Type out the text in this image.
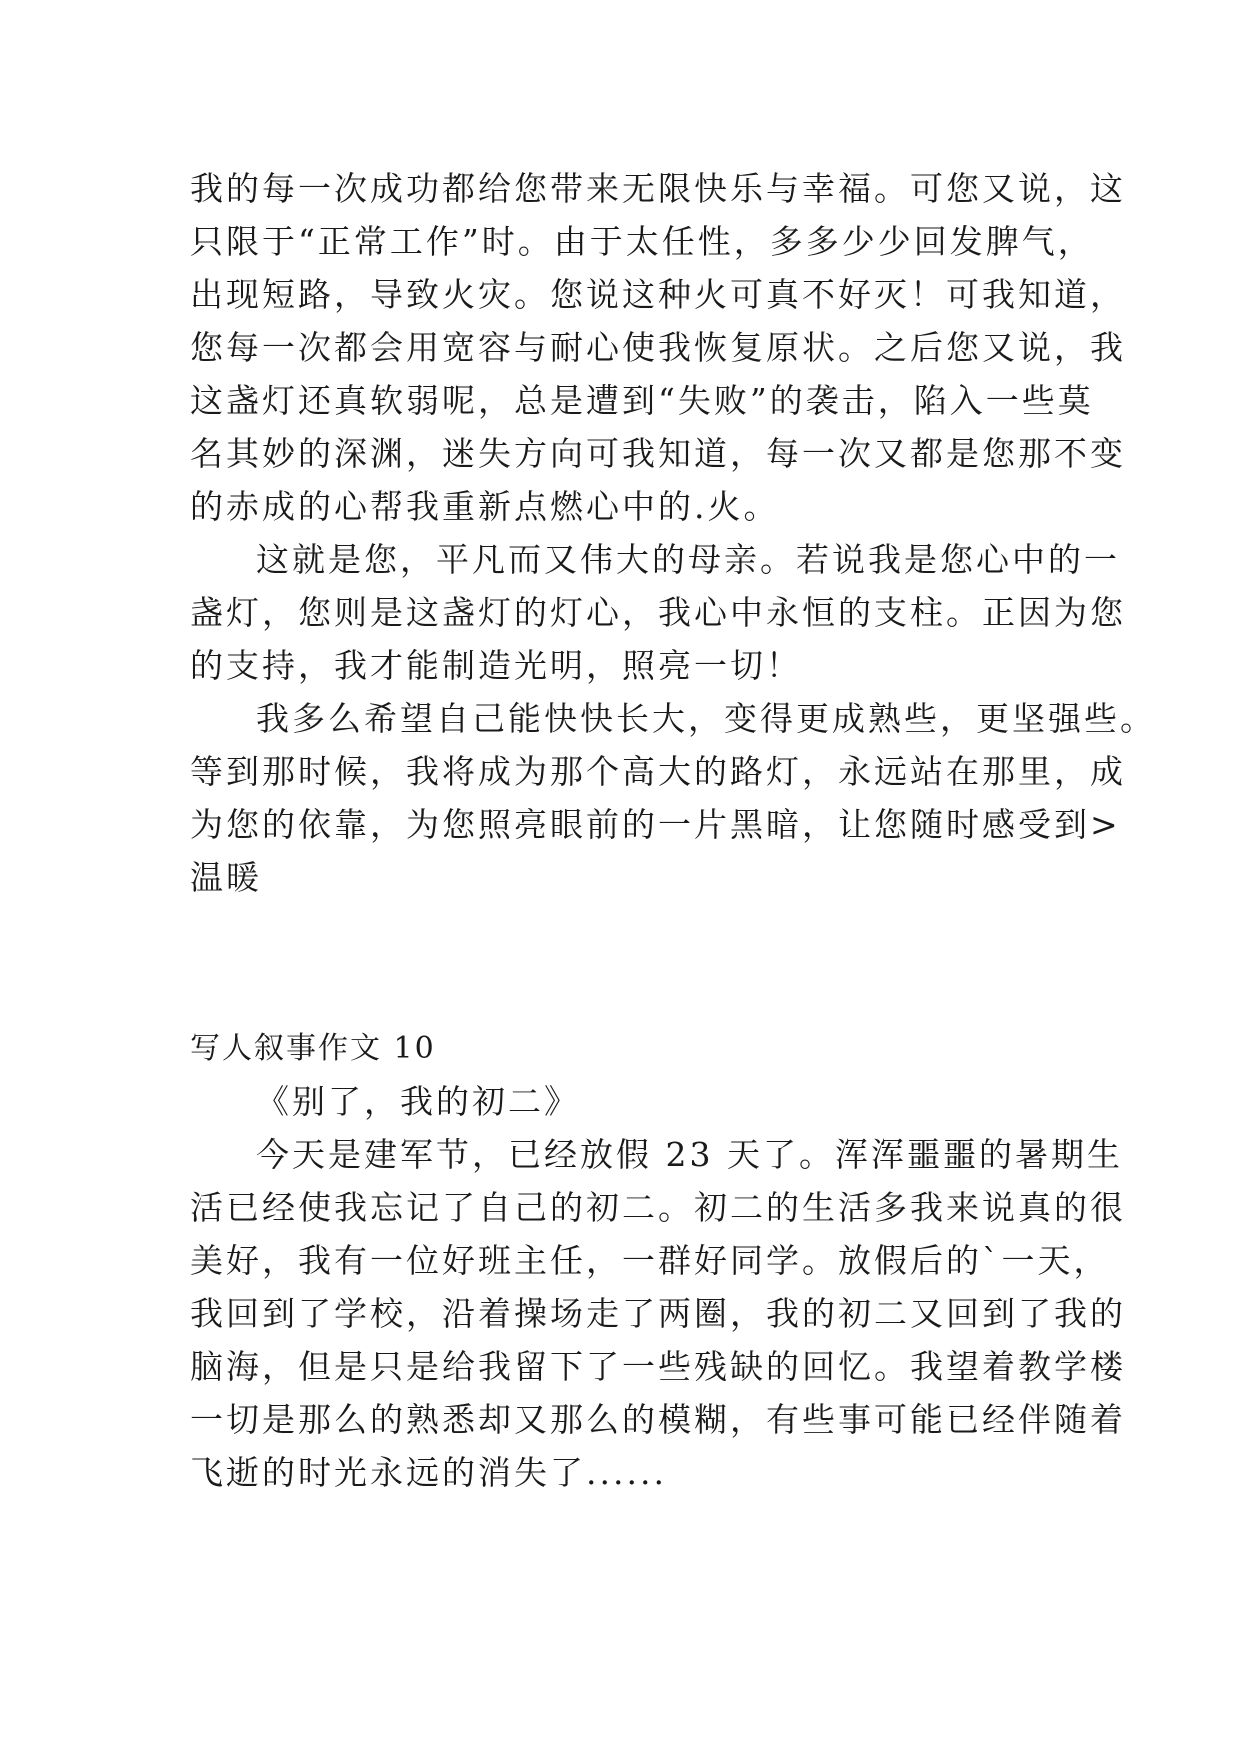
我的每一次成功都给您带来无限快乐与幸福。可您又说，这
只限于“正常工作”时。由于太任性，多多少少回发脾气，
出现短路，导致火灾。您说这种火可真不好灭！可我知道，
您每一次都会用宽容与耐心使我恢复原状。之后您又说，我
这盏灯还真软弱呢，总是遭到“失败”的袭击，陷入一些莫
名其妙的深渊，迷失方向可我知道，每一次又都是您那不变
的赤成的心帮我重新点燃心中的.火。
这就是您，平凡而又伟大的母亲。若说我是您心中的一
盏灯，您则是这盏灯的灯心，我心中永恒的支柱。正因为您
的支持，我才能制造光明，照亮一切！
我多么希望自己能快快长大，变得更成熟些，更坚强些。
等到那时候，我将成为那个高大的路灯，永远站在那里，成
为您的依靠，为您照亮眼前的一片黑暗，让您随时感受到>
温暖
写人叙事作文 10
《别了，我的初二》
今天是建军节，已经放假 23 天了。浑浑噩噩的暑期生
活已经使我忘记了自己的初二。初二的生活多我来说真的很
美好，我有一位好班主任，一群好同学。放假后的`一天，
我回到了学校，沿着操场走了两圈，我的初二又回到了我的
脑海，但是只是给我留下了一些残缺的回忆。我望着教学楼
一切是那么的熟悉却又那么的模糊，有些事可能已经伴随着
飞逝的时光永远的消失了......
